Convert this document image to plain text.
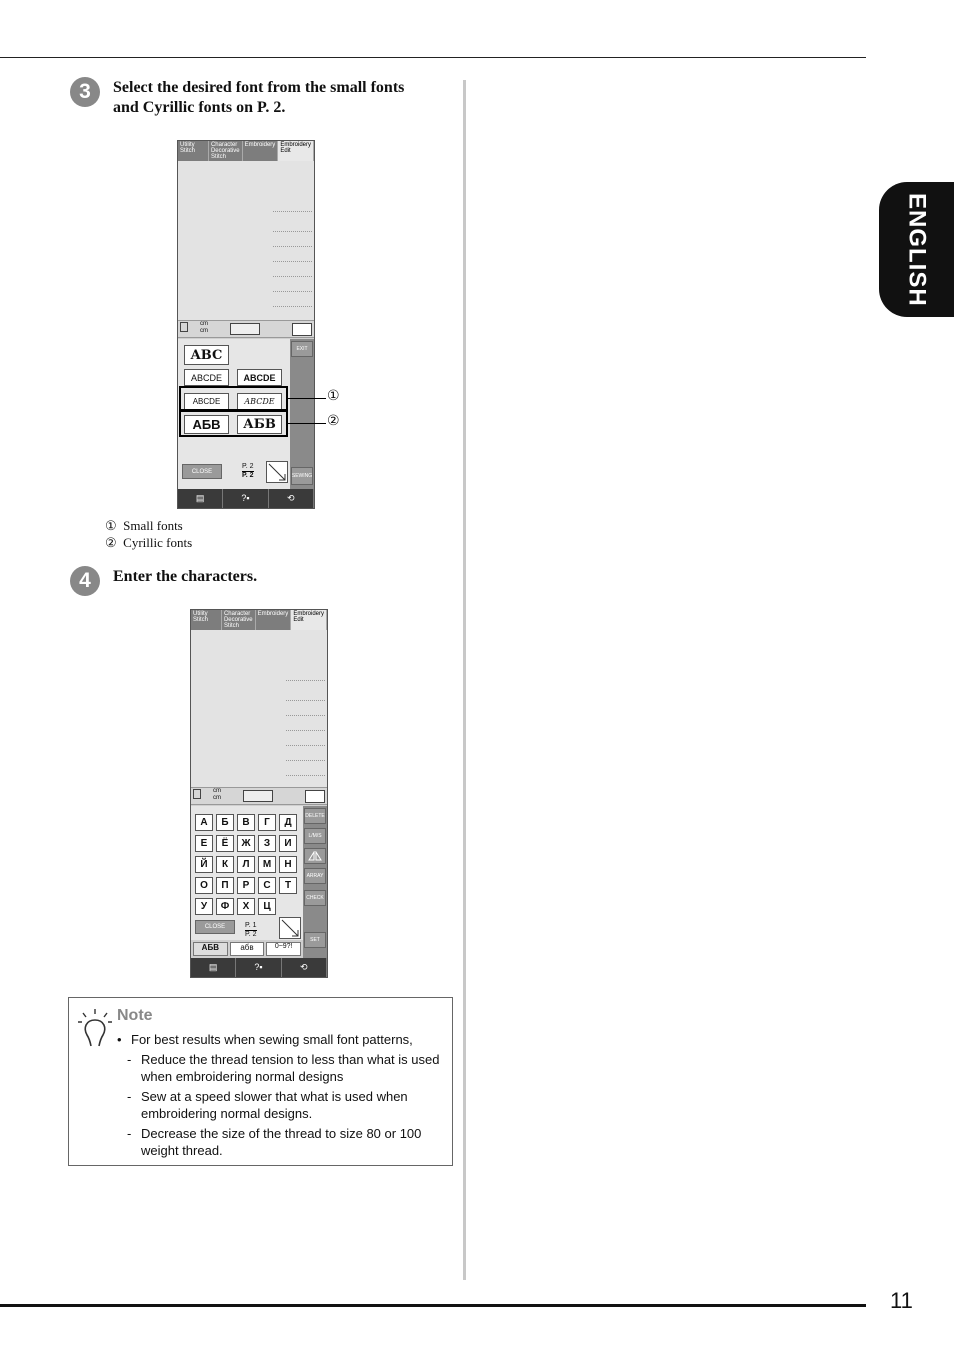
11
ENGLISH
3	Select the desired font from the small fonts
and Cyrillic fonts on P. 2.
Utility Stitch
Character Decorative Stitch
Embroidery Embroidery Edit
cm
cm
EXIT
SEWING
ABC
ABCDE	ABCDE
ABCDE	ABCDE
АБВ	АБВ
CLOSE
P. 2
P. 2
▤	?▪	⟲
①
②
① Small fonts
② Cyrillic fonts
4	Enter the characters.
Utility Stitch
Character Decorative Stitch
Embroidery Embroidery Edit
cm
cm
DELETE
L/M/S
ARRAY
CHECK
SET
А	Б	В	Г	Д
Е	Ё	Ж	З	И
Й	К	Л	М	Н
О	П	Р	С	Т
У	Ф	Х	Ц
CLOSE	P. 1
P. 2
АБВ	абв	0~9?!
▤	?▪	⟲
Note
• For best results when sewing small font patterns,
- Reduce the thread tension to less than what is used when embroidering normal designs
- Sew at a speed slower that what is used when embroidering normal designs.
- Decrease the size of the thread to size 80 or 100 weight thread.
